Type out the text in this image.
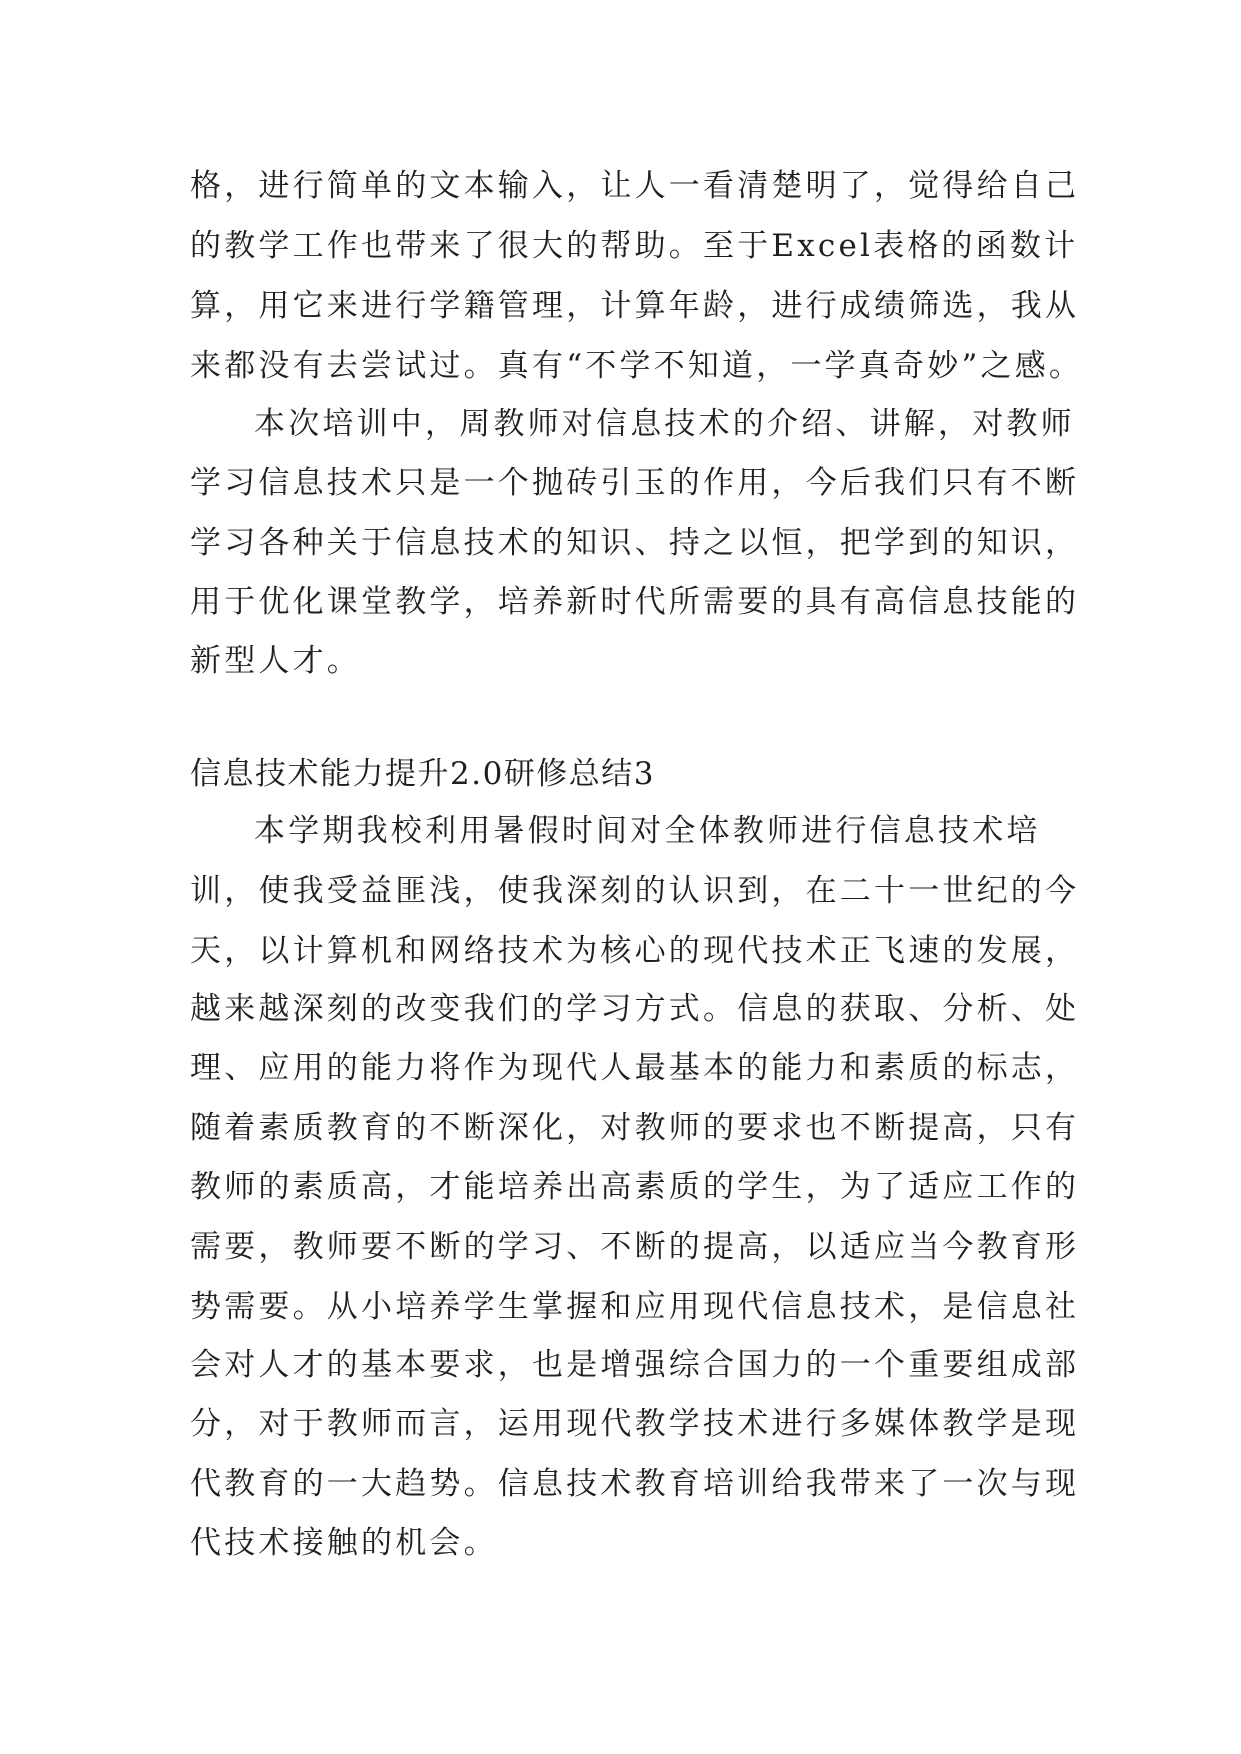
格，进行简单的文本输入，让人一看清楚明了，觉得给自己
的教学工作也带来了很大的帮助。至于Excel表格的函数计
算，用它来进行学籍管理，计算年龄，进行成绩筛选，我从
来都没有去尝试过。真有“不学不知道，一学真奇妙”之感。
本次培训中，周教师对信息技术的介绍、讲解，对教师
学习信息技术只是一个抛砖引玉的作用，今后我们只有不断
学习各种关于信息技术的知识、持之以恒，把学到的知识，
用于优化课堂教学，培养新时代所需要的具有高信息技能的
新型人才。
信息技术能力提升2.0研修总结3
本学期我校利用暑假时间对全体教师进行信息技术培
训，使我受益匪浅，使我深刻的认识到，在二十一世纪的今
天，以计算机和网络技术为核心的现代技术正飞速的发展，
越来越深刻的改变我们的学习方式。信息的获取、分析、处
理、应用的能力将作为现代人最基本的能力和素质的标志，
随着素质教育的不断深化，对教师的要求也不断提高，只有
教师的素质高，才能培养出高素质的学生，为了适应工作的
需要，教师要不断的学习、不断的提高，以适应当今教育形
势需要。从小培养学生掌握和应用现代信息技术，是信息社
会对人才的基本要求，也是增强综合国力的一个重要组成部
分，对于教师而言，运用现代教学技术进行多媒体教学是现
代教育的一大趋势。信息技术教育培训给我带来了一次与现
代技术接触的机会。
